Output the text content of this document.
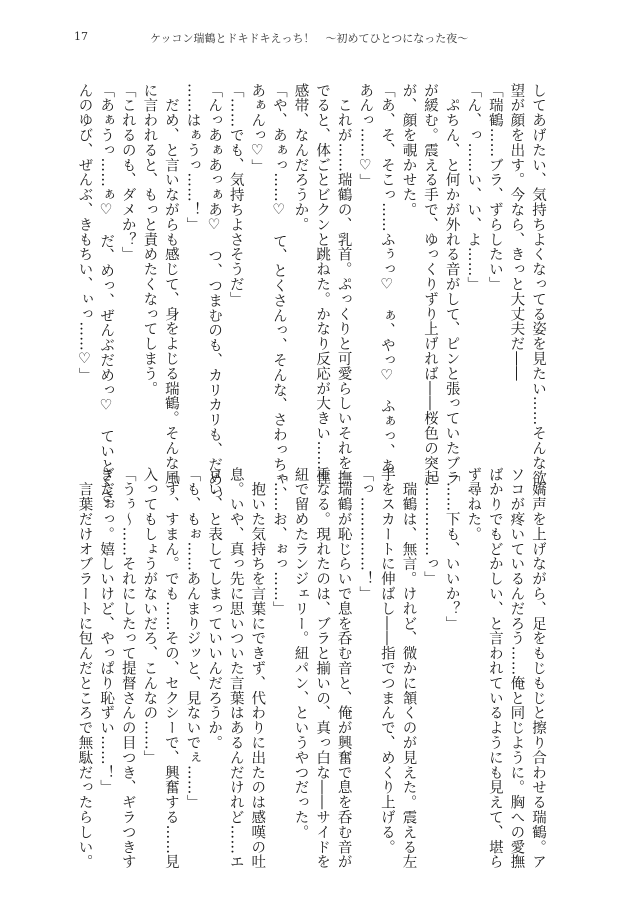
17	ケッコン瑞鶴とドキドキえっち！　〜初めてひとつになった夜〜

してあげたい、気持ちよくなってる姿を見たい……そんな欲

望が顔を出す。今なら、きっと大丈夫だ――

「瑞鶴……ブラ、ずらしたい」

「ん、っ……い、い、よ……」

　ぷちん、と何かが外れる音がして、ピンと張っていたブラ

が緩む。震える手で、ゆっくりずり上げれば――桜色の突起

が、顔を覗かせた。

「あ、そ、そこっ……ふぅっ♡　ぁ、やっ♡　ふぁっ、あ

あんっ……♡」

　これが……瑞鶴の、乳首。ぷっくりと可愛らしいそれを撫

でると、体ごとビクンと跳ねた。かなり反応が大きい……性

感帯、なんだろうか。

「や、あぁっ……♡　て、とくさんっ、そんな、さわっちゃ、

あぁんっ♡」

「……でも、気持ちよさそうだ」

「んっあぁあっぁあ♡　つ、つまむのも、カリカリも、だめっ

……はぁうっ……！」

　だめ、と言いながらも感じて、身をよじる瑞鶴。そんな風

に言われると、もっと責めたくなってしまう。

「これるのも、ダメか？」

「あぁうっ……ぁ♡　だ、めっ、ぜんぶだめっ♡　ていとくさ

んのゆび、ぜんぶ、きもちい、ぃっ……♡」

　嬌声を上げながら、足をもじもじと擦り合わせる瑞鶴。ア

ソコが疼いているんだろう……俺と同じように。胸への愛撫

ばかりでもどかしい、と言われているようにも見えて、堪ら

ず尋ねた。

「……下も、いいか？」

「……………っ」

　瑞鶴は、無言。けれど、微かに頷くのが見えた。震える左

手をスカートに伸ばし――指でつまんで、めくり上げる。

「っ……………！」

　瑞鶴が恥じらいで息を呑む音と、俺が興奮で息を呑む音が

重なる。現れたのは、ブラと揃いの、真っ白な――サイドを

紐で留めたランジェリー。紐パン、というやつだった。

「……お、ぉっ……」

　抱いた気持ちを言葉にできず、代わりに出たのは感嘆の吐

息。いや、真っ先に思いついた言葉はあるんだけれど……エ

ロい、と表してしまっていいんだろうか。

「も、もぉ……あんまりジッと、見ないでぇ……」

「す、すまん。でも……その、セクシーで、興奮する……見

入ってもしょうがないだろ、こんなの……」

「うぅ～……それにしたって提督さんの目つき、ギラつきす

ぎだぉっ。嬉しいけど、やっぱり恥ずい……！」

　言葉だけオブラートに包んだところで無駄だったらしい。
